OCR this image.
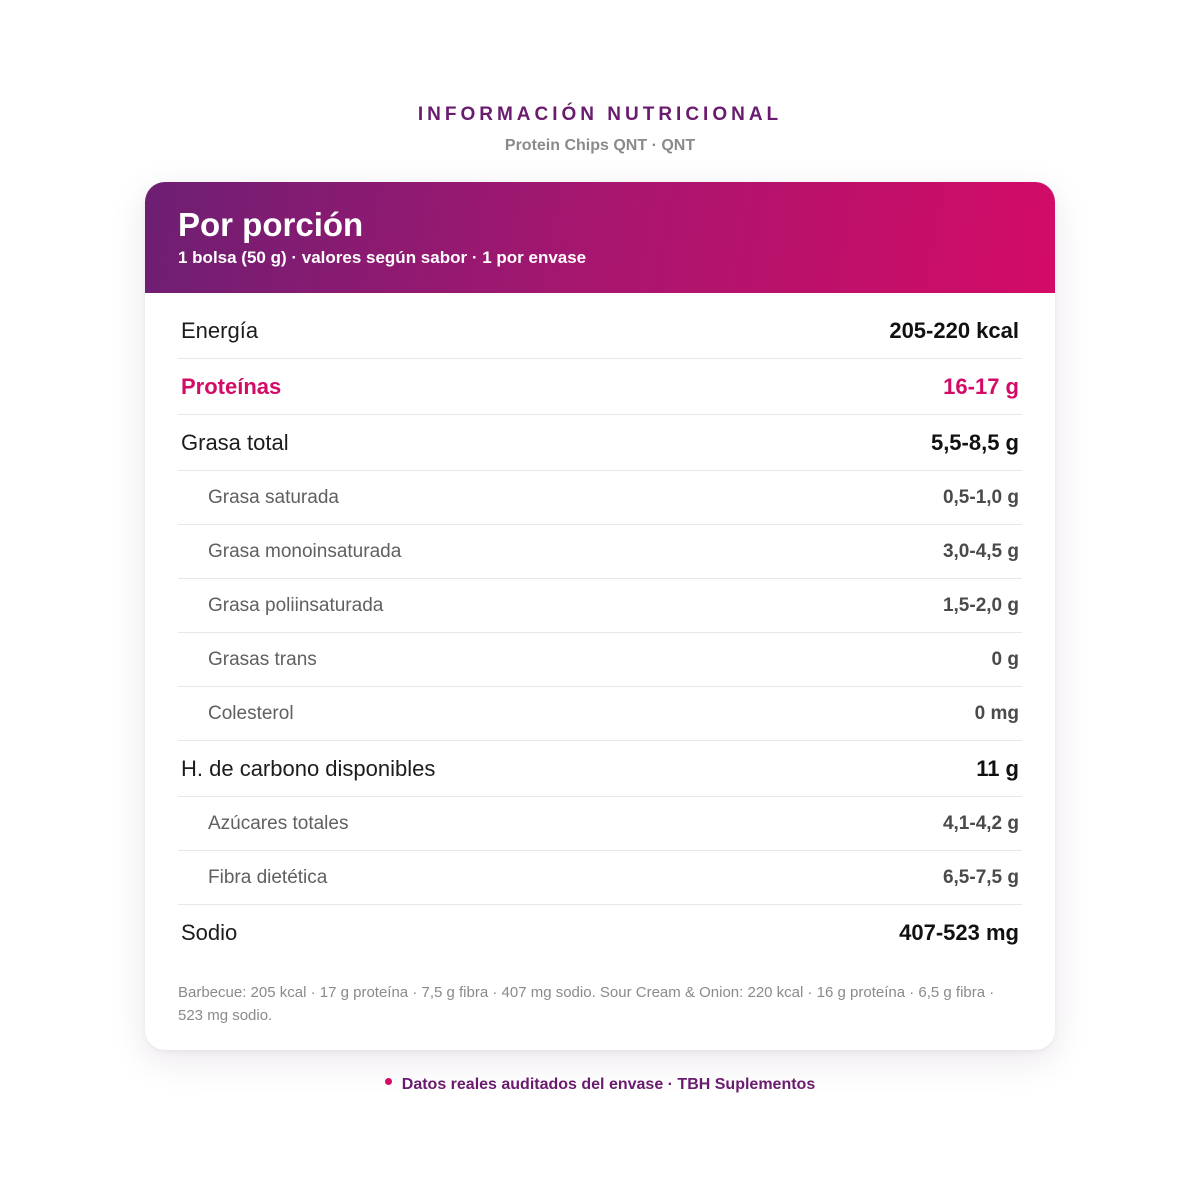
INFORMACIÓN NUTRICIONAL
Protein Chips QNT · QNT
Por porción
1 bolsa (50 g) · valores según sabor · 1 por envase
Energía	205-220 kcal
Proteínas	16-17 g
Grasa total	5,5-8,5 g
Grasa saturada	0,5-1,0 g
Grasa monoinsaturada	3,0-4,5 g
Grasa poliinsaturada	1,5-2,0 g
Grasas trans	0 g
Colesterol	0 mg
H. de carbono disponibles	11 g
Azúcares totales	4,1-4,2 g
Fibra dietética	6,5-7,5 g
Sodio	407-523 mg
Barbecue: 205 kcal · 17 g proteína · 7,5 g fibra · 407 mg sodio. Sour Cream & Onion: 220 kcal · 16 g proteína · 6,5 g fibra · 523 mg sodio.
Datos reales auditados del envase · TBH Suplementos
